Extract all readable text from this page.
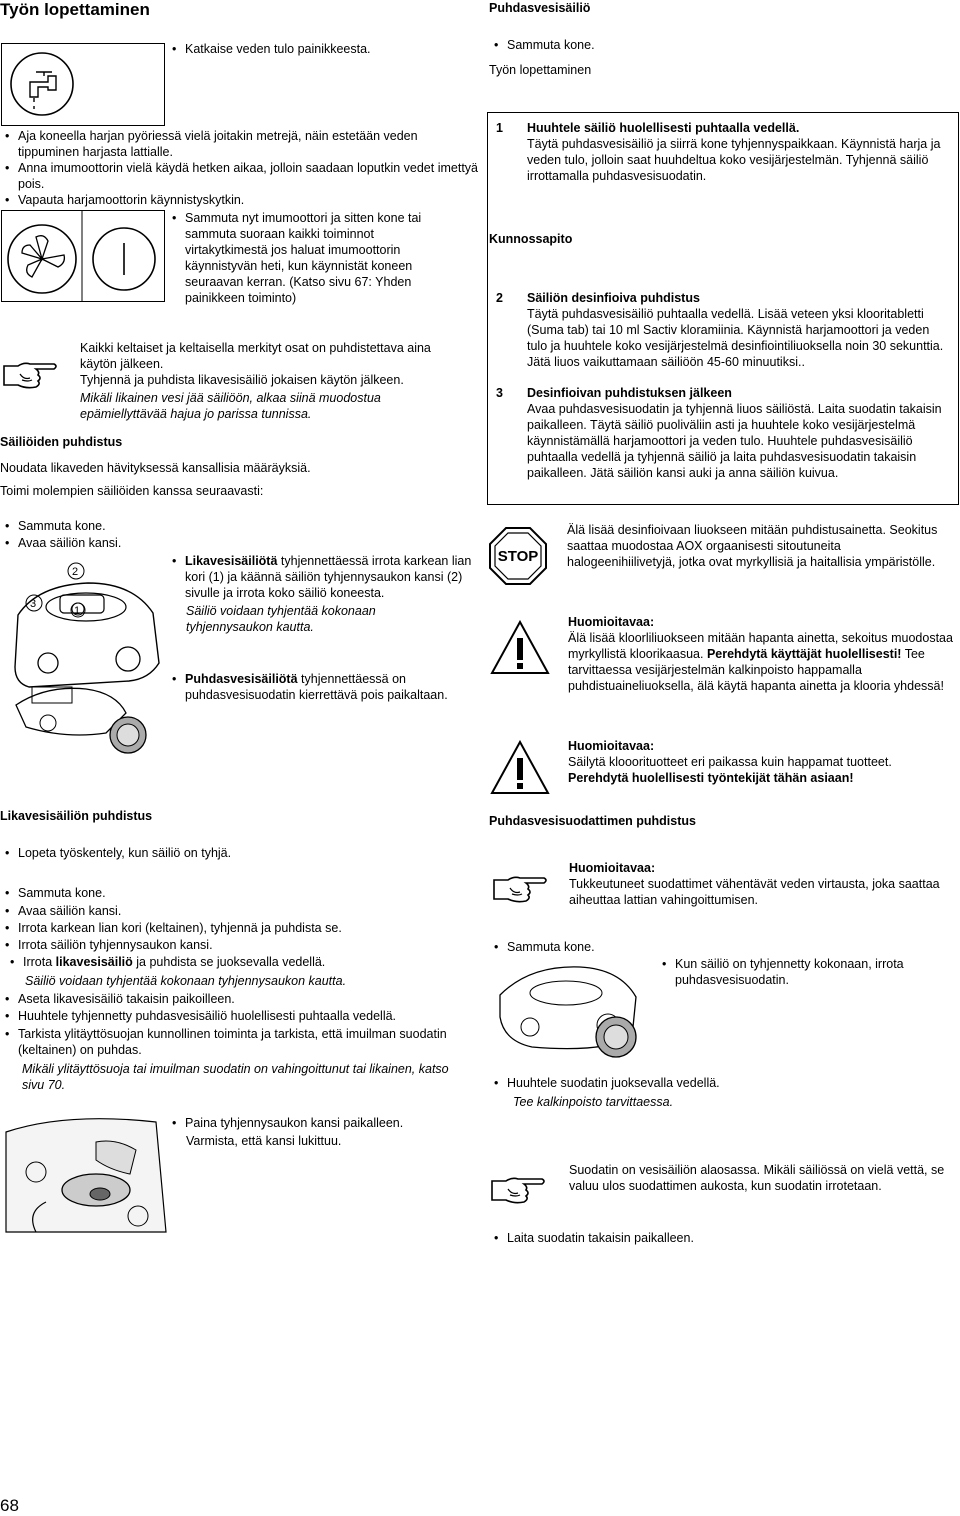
Työn lopettaminen
• Katkaise veden tulo painikkeesta.
• Aja koneella harjan pyöriessä vielä joitakin metrejä, näin estetään veden tippuminen harjasta lattialle.
• Anna imumoottorin vielä käydä hetken aikaa, jolloin saadaan loputkin vedet imettyä pois.
• Vapauta harjamoottorin käynnistyskytkin.
• Sammuta nyt imumoottori ja sitten kone tai sammuta suoraan kaikki toiminnot virtakytkimestä jos haluat imumoottorin käynnistyvän heti, kun käynnistät koneen seuraavan kerran. (Katso sivu 67: Yhden painikkeen toiminto)
Kaikki keltaiset ja keltaisella merkityt osat on puhdistettava aina käytön jälkeen.
Tyhjennä ja puhdista likavesisäiliö jokaisen käytön jälkeen.
Mikäli likainen vesi jää säiliöön, alkaa siinä muodostua epämiellyttävää hajua jo parissa tunnissa.
Säiliöiden puhdistus
Noudata likaveden hävityksessä kansallisia määräyksiä.
Toimi molempien säiliöiden kanssa seuraavasti:
• Sammuta kone.
• Avaa säiliön kansi.
3
2
1
• Likavesisäiliötä tyhjennettäessä irrota karkean lian kori (1) ja käännä säiliön tyhjennysaukon kansi (2) sivulle ja irrota koko säiliö koneesta.
Säiliö voidaan tyhjentää kokonaan tyhjennysaukon kautta.
• Puhdasvesisäiliötä tyhjennettäessä on puhdasvesisuodatin kierrettävä pois paikaltaan.
Likavesisäiliön puhdistus
• Lopeta työskentely, kun säiliö on tyhjä.
• Sammuta kone.
• Avaa säiliön kansi.
• Irrota karkean lian kori (keltainen), tyhjennä ja puhdista se.
• Irrota säiliön tyhjennysaukon kansi.
• Irrota likavesisäiliö ja puhdista se juoksevalla vedellä.
Säiliö voidaan tyhjentää kokonaan tyhjennysaukon kautta.
• Aseta likavesisäiliö takaisin paikoilleen.
• Huuhtele tyhjennetty puhdasvesisäiliö huolellisesti puhtaalla vedellä.
• Tarkista ylitäyttösuojan kunnollinen toiminta ja tarkista, että imuilman suodatin (keltainen) on puhdas.
Mikäli ylitäyttösuoja tai imuilman suodatin on vahingoittunut tai likainen, katso sivu 70.
• Paina tyhjennysaukon kansi paikalleen.
Varmista, että kansi lukittuu.
68
Puhdasvesisäiliö
• Sammuta kone.
Työn lopettaminen
1 Huuhtele säiliö huolellisesti puhtaalla vedellä.
Täytä puhdasvesisäiliö ja siirrä kone tyhjennyspaikkaan. Käynnistä harja ja veden tulo, jolloin saat huuhdeltua koko vesijärjestelmän. Tyhjennä säiliö irrottamalla puhdasvesisuodatin.
Kunnossapito
2 Säiliön desinfioiva puhdistus
Täytä puhdasvesisäiliö puhtaalla vedellä. Lisää veteen yksi klooritabletti (Suma tab) tai 10 ml Sactiv kloramiinia. Käynnistä harjamoottori ja veden tulo ja huuhtele koko vesijärjestelmä desinfiointiliuoksella noin 30 sekunttia. Jätä liuos vaikuttamaan säiliöön 45-60 minuutiksi..
3 Desinfioivan puhdistuksen jälkeen
Avaa puhdasvesisuodatin ja tyhjennä liuos säiliöstä. Laita suodatin takaisin paikalleen. Täytä säiliö puoliväliin asti ja huuhtele koko vesijärjestelmä käynnistämällä harjamoottori ja veden tulo. Huuhtele puhdasvesisäiliö puhtaalla vedellä ja tyhjennä säiliö ja laita puhdasvesisuodatin takaisin paikalleen. Jätä säiliön kansi auki ja anna säiliön kuivua.
STOP
Älä lisää desinfioivaan liuokseen mitään puhdistusainetta. Seokitus saattaa muodostaa AOX orgaanisesti sitoutuneita halogeenihiilivetyjä, jotka ovat myrkyllisiä ja haitallisia ympäristölle.
Huomioitavaa:
Älä lisää kloorliliuokseen mitään hapanta ainetta, sekoitus muodostaa myrkyllistä kloorikaasua. Perehdytä käyttäjät huolellisesti! Tee tarvittaessa vesijärjestelmän kalkinpoisto happamalla puhdistuaineliuoksella, älä käytä hapanta ainetta ja klooria yhdessä!
Huomioitavaa:
Säilytä klooorituotteet eri paikassa kuin happamat tuotteet.
Perehdytä huolellisesti työntekijät tähän asiaan!
Puhdasvesisuodattimen puhdistus
Huomioitavaa:
Tukkeutuneet suodattimet vähentävät veden virtausta, joka saattaa aiheuttaa lattian vahingoittumisen.
• Sammuta kone.
• Kun säiliö on tyhjennetty kokonaan, irrota puhdasvesisuodatin.
• Huuhtele suodatin juoksevalla vedellä.
Tee kalkinpoisto tarvittaessa.
Suodatin on vesisäiliön alaosassa. Mikäli säiliössä on vielä vettä, se valuu ulos suodattimen aukosta, kun suodatin irrotetaan.
• Laita suodatin takaisin paikalleen.
